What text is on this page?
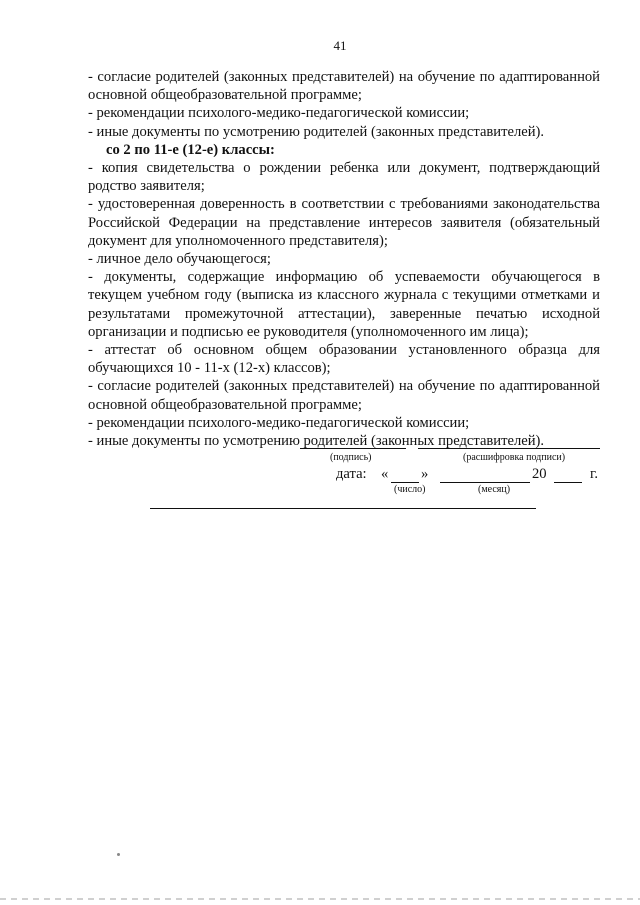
41

- согласие родителей (законных представителей) на обучение по адаптированной основной общеобразовательной программе;

- рекомендации психолого-медико-педагогической комиссии;

- иные документы по усмотрению родителей (законных представителей).

со 2 по 11-е (12-е) классы:

- копия свидетельства о рождении ребенка или документ, подтверждающий родство заявителя;

- удостоверенная доверенность в соответствии с требованиями законодательства Российской Федерации на представление интересов заявителя (обязательный документ для уполномоченного представителя);

- личное дело обучающегося;

- документы, содержащие информацию об успеваемости обучающегося в текущем учебном году (выписка из классного журнала с текущими отметками и результатами промежуточной аттестации), заверенные печатью исходной организации и подписью ее руководителя (уполномоченного им лица);

- аттестат об основном общем образовании установленного образца для обучающихся 10 - 11-х (12-х) классов);

- согласие родителей (законных представителей) на обучение по адаптированной основной общеобразовательной программе;

- рекомендации психолого-медико-педагогической комиссии;

- иные документы по усмотрению родителей (законных представителей).

(подпись)	(расшифровка подписи)
дата: « »	20	г.
(число)	(месяц)
